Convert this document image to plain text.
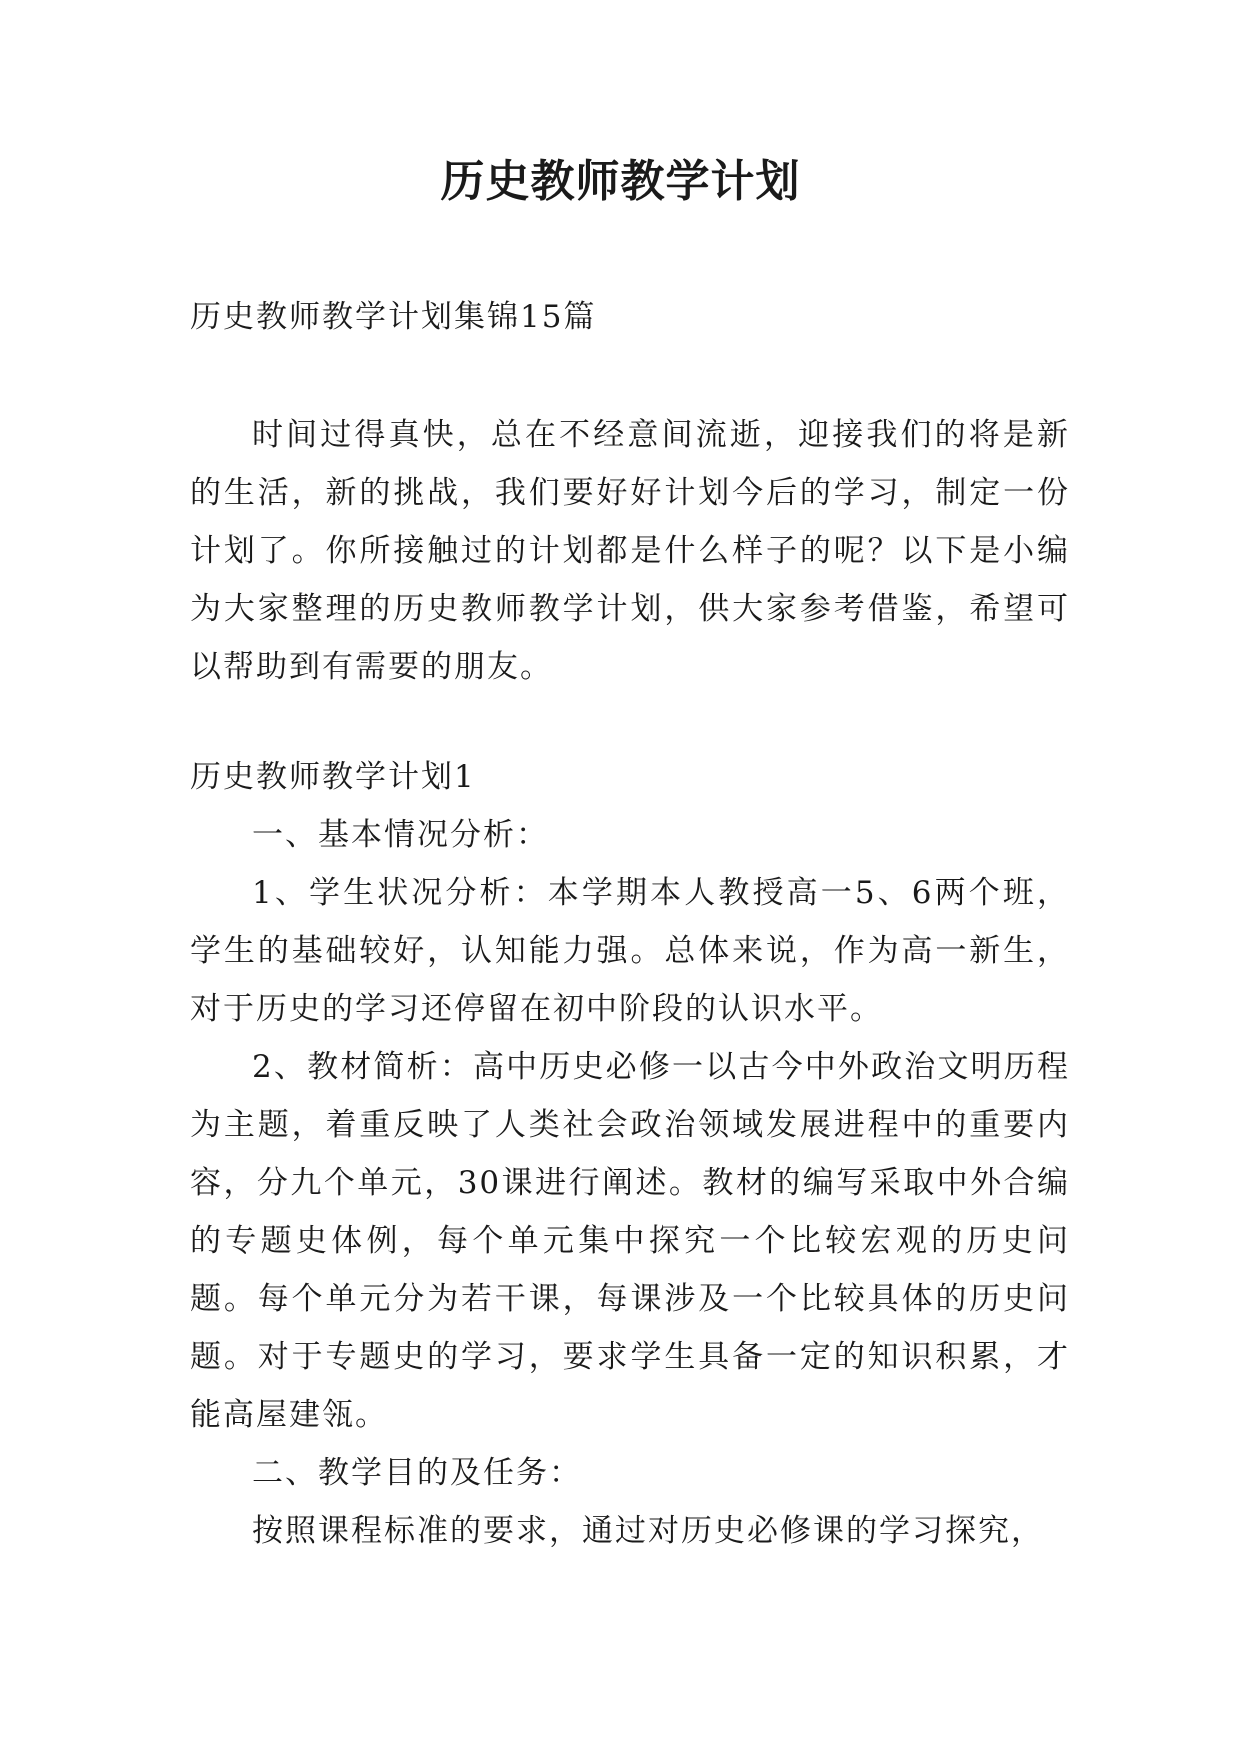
历史教师教学计划

历史教师教学计划集锦15篇

时间过得真快，总在不经意间流逝，迎接我们的将是新的生活，新的挑战，我们要好好计划今后的学习，制定一份计划了。你所接触过的计划都是什么样子的呢？以下是小编为大家整理的历史教师教学计划，供大家参考借鉴，希望可以帮助到有需要的朋友。

历史教师教学计划1

一、基本情况分析：

1、学生状况分析：本学期本人教授高一5、6两个班，学生的基础较好，认知能力强。总体来说，作为高一新生，对于历史的学习还停留在初中阶段的认识水平。

2、教材简析：高中历史必修一以古今中外政治文明历程为主题，着重反映了人类社会政治领域发展进程中的重要内容，分九个单元，30课进行阐述。教材的编写采取中外合编的专题史体例，每个单元集中探究一个比较宏观的历史问题。每个单元分为若干课，每课涉及一个比较具体的历史问题。对于专题史的学习，要求学生具备一定的知识积累，才能高屋建瓴。

二、教学目的及任务：

按照课程标准的要求，通过对历史必修课的学习探究，
